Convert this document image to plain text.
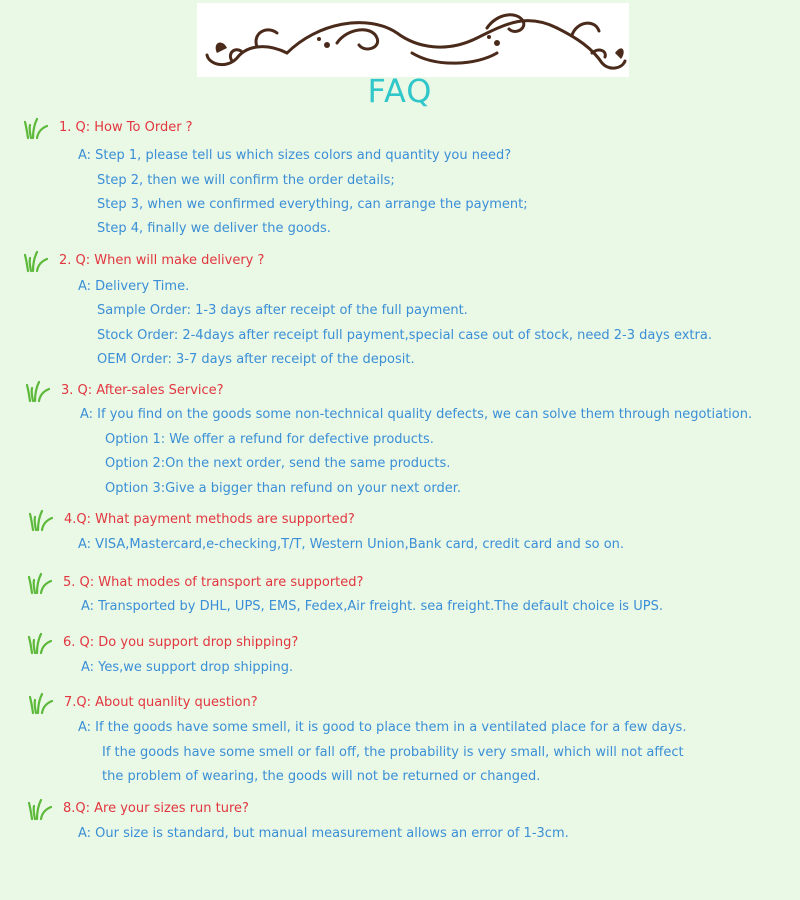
FAQ
1. Q: How To Order ?
A: Step 1, please tell us which sizes colors and quantity you need?
Step 2, then we will confirm the order details;
Step 3, when we confirmed everything, can arrange the payment;
Step 4, finally we deliver the goods.
2. Q: When will make delivery ?
A: Delivery Time.
Sample Order: 1-3 days after receipt of the full payment.
Stock Order: 2-4days after receipt full payment,special case out of stock, need 2-3 days extra.
OEM Order: 3-7 days after receipt of the deposit.
3. Q: After-sales Service?
A: If you find on the goods some non-technical quality defects, we can solve them through negotiation.
Option 1: We offer a refund for defective products.
Option 2:On the next order, send the same products.
Option 3:Give a bigger than refund on your next order.
4.Q: What payment methods are supported?
A: VISA,Mastercard,e-checking,T/T, Western Union,Bank card, credit card and so on.
5. Q: What modes of transport are supported?
A: Transported by DHL, UPS, EMS, Fedex,Air freight. sea freight.The default choice is UPS.
6. Q: Do you support drop shipping?
A: Yes,we support drop shipping.
7.Q: About quanlity question?
A: If the goods have some smell, it is good to place them in a ventilated place for a few days.
If the goods have some smell or fall off, the probability is very small, which will not affect
the problem of wearing, the goods will not be returned or changed.
8.Q: Are your sizes run ture?
A: Our size is standard, but manual measurement allows an error of 1-3cm.
